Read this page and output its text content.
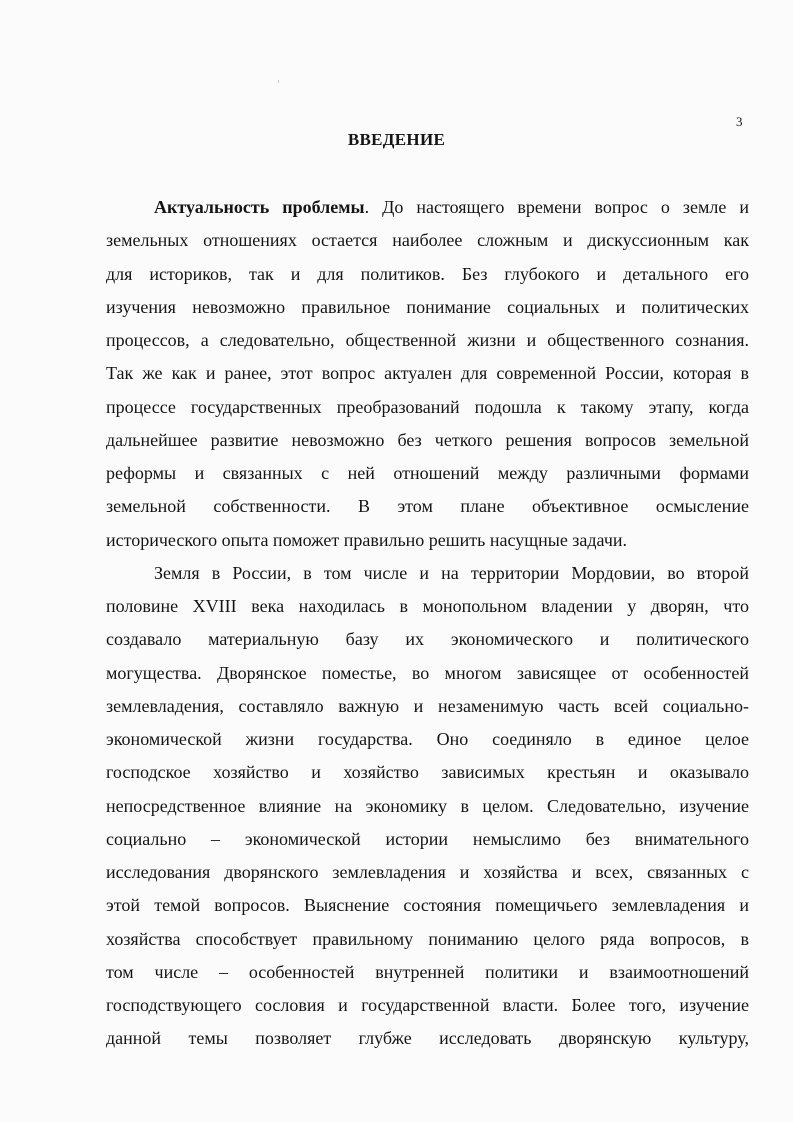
3
ВВЕДЕНИЕ
Актуальность проблемы. До настоящего времени вопрос о земле и
земельных отношениях остается наиболее сложным и дискуссионным как
для историков, так и для политиков. Без глубокого и детального его
изучения невозможно правильное понимание социальных и политических
процессов, а следовательно, общественной жизни и общественного сознания.
Так же как и ранее, этот вопрос актуален для современной России, которая в
процессе государственных преобразований подошла к такому этапу, когда
дальнейшее развитие невозможно без четкого решения вопросов земельной
реформы и связанных с ней отношений между различными формами
земельной собственности. В этом плане объективное осмысление
исторического опыта поможет правильно решить насущные задачи.
Земля в России, в том числе и на территории Мордовии, во второй
половине XVIII века находилась в монопольном владении у дворян, что
создавало материальную базу их экономического и политического
могущества. Дворянское поместье, во многом зависящее от особенностей
землевладения, составляло важную и незаменимую часть всей социально-
экономической жизни государства. Оно соединяло в единое целое
господское хозяйство и хозяйство зависимых крестьян и оказывало
непосредственное влияние на экономику в целом. Следовательно, изучение
социально – экономической истории немыслимо без внимательного
исследования дворянского землевладения и хозяйства и всех, связанных с
этой темой вопросов. Выяснение состояния помещичьего землевладения и
хозяйства способствует правильному пониманию целого ряда вопросов, в
том числе – особенностей внутренней политики и взаимоотношений
господствующего сословия и государственной власти. Более того, изучение
данной темы позволяет глубже исследовать дворянскую культуру,
